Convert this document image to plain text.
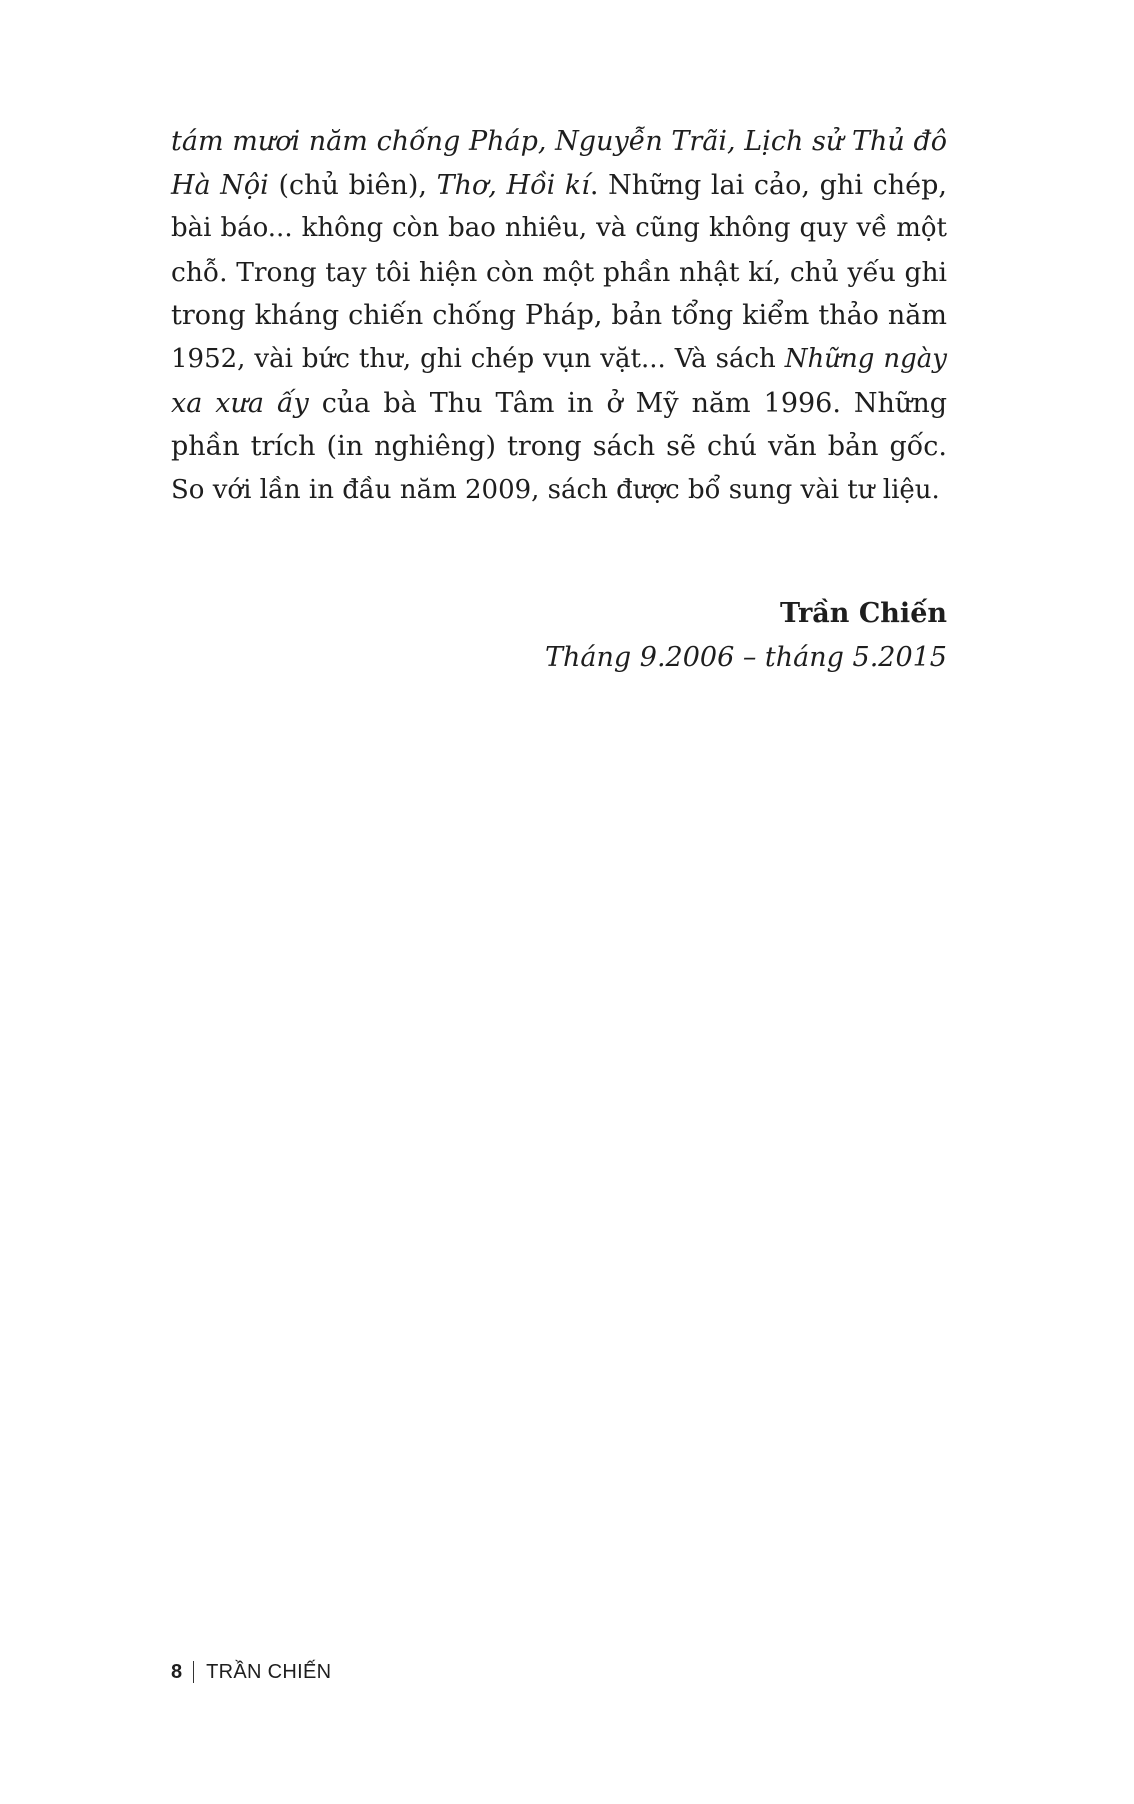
tám mươi năm chống Pháp, Nguyễn Trãi, Lịch sử Thủ đô
Hà Nội (chủ biên), Thơ, Hồi kí. Những lai cảo, ghi chép,
bài báo... không còn bao nhiêu, và cũng không quy về một
chỗ. Trong tay tôi hiện còn một phần nhật kí, chủ yếu ghi
trong kháng chiến chống Pháp, bản tổng kiểm thảo năm
1952, vài bức thư, ghi chép vụn vặt... Và sách Những ngày
xa xưa ấy của bà Thu Tâm in ở Mỹ năm 1996. Những
phần trích (in nghiêng) trong sách sẽ chú văn bản gốc.
So với lần in đầu năm 2009, sách được bổ sung vài tư liệu.
Trần Chiến
Tháng 9.2006 – tháng 5.2015
8 TRẦN CHIẾN
